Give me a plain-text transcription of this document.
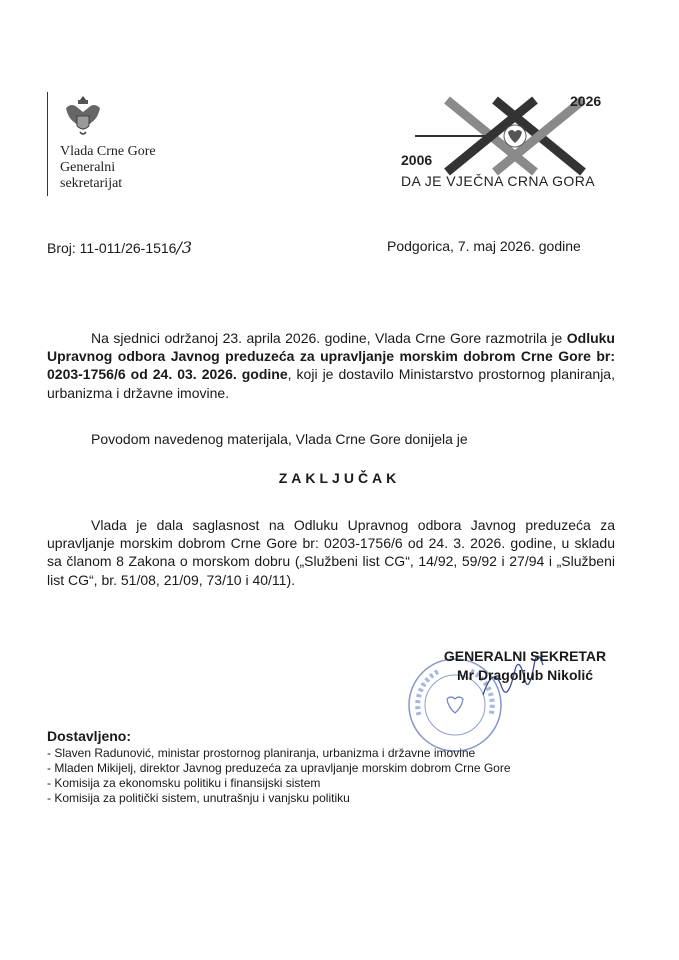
Vlada Crne Gore
Generalni
sekretarijat
2026
2006
DA JE VJEČNA CRNA GORA
Broj: 11-011/26-1516/3	Podgorica, 7. maj 2026. godine

Na sjednici održanoj 23. aprila 2026. godine, Vlada Crne Gore razmotrila je Odluku Upravnog odbora Javnog preduzeća za upravljanje morskim dobrom Crne Gore br: 0203-1756/6 od 24. 03. 2026. godine, koji je dostavilo Ministarstvo prostornog planiranja, urbanizma i državne imovine.

Povodom navedenog materijala, Vlada Crne Gore donijela je
ZAKLJUČAK

Vlada je dala saglasnost na Odluku Upravnog odbora Javnog preduzeća za upravljanje morskim dobrom Crne Gore br: 0203-1756/6 od 24. 3. 2026. godine, u skladu sa članom 8 Zakona o morskom dobru („Službeni list CG“, 14/92, 59/92 i 27/94 i „Službeni list CG“, br. 51/08, 21/09, 73/10 i 40/11).

GENERALNI SEKRETAR
Mr Dragoljub Nikolić
Dostavljeno:
- Slaven Radunović, ministar prostornog planiranja, urbanizma i državne imovine
- Mladen Mikijelj, direktor Javnog preduzeća za upravljanje morskim dobrom Crne Gore
- Komisija za ekonomsku politiku i finansijski sistem
- Komisija za politički sistem, unutrašnju i vanjsku politiku
